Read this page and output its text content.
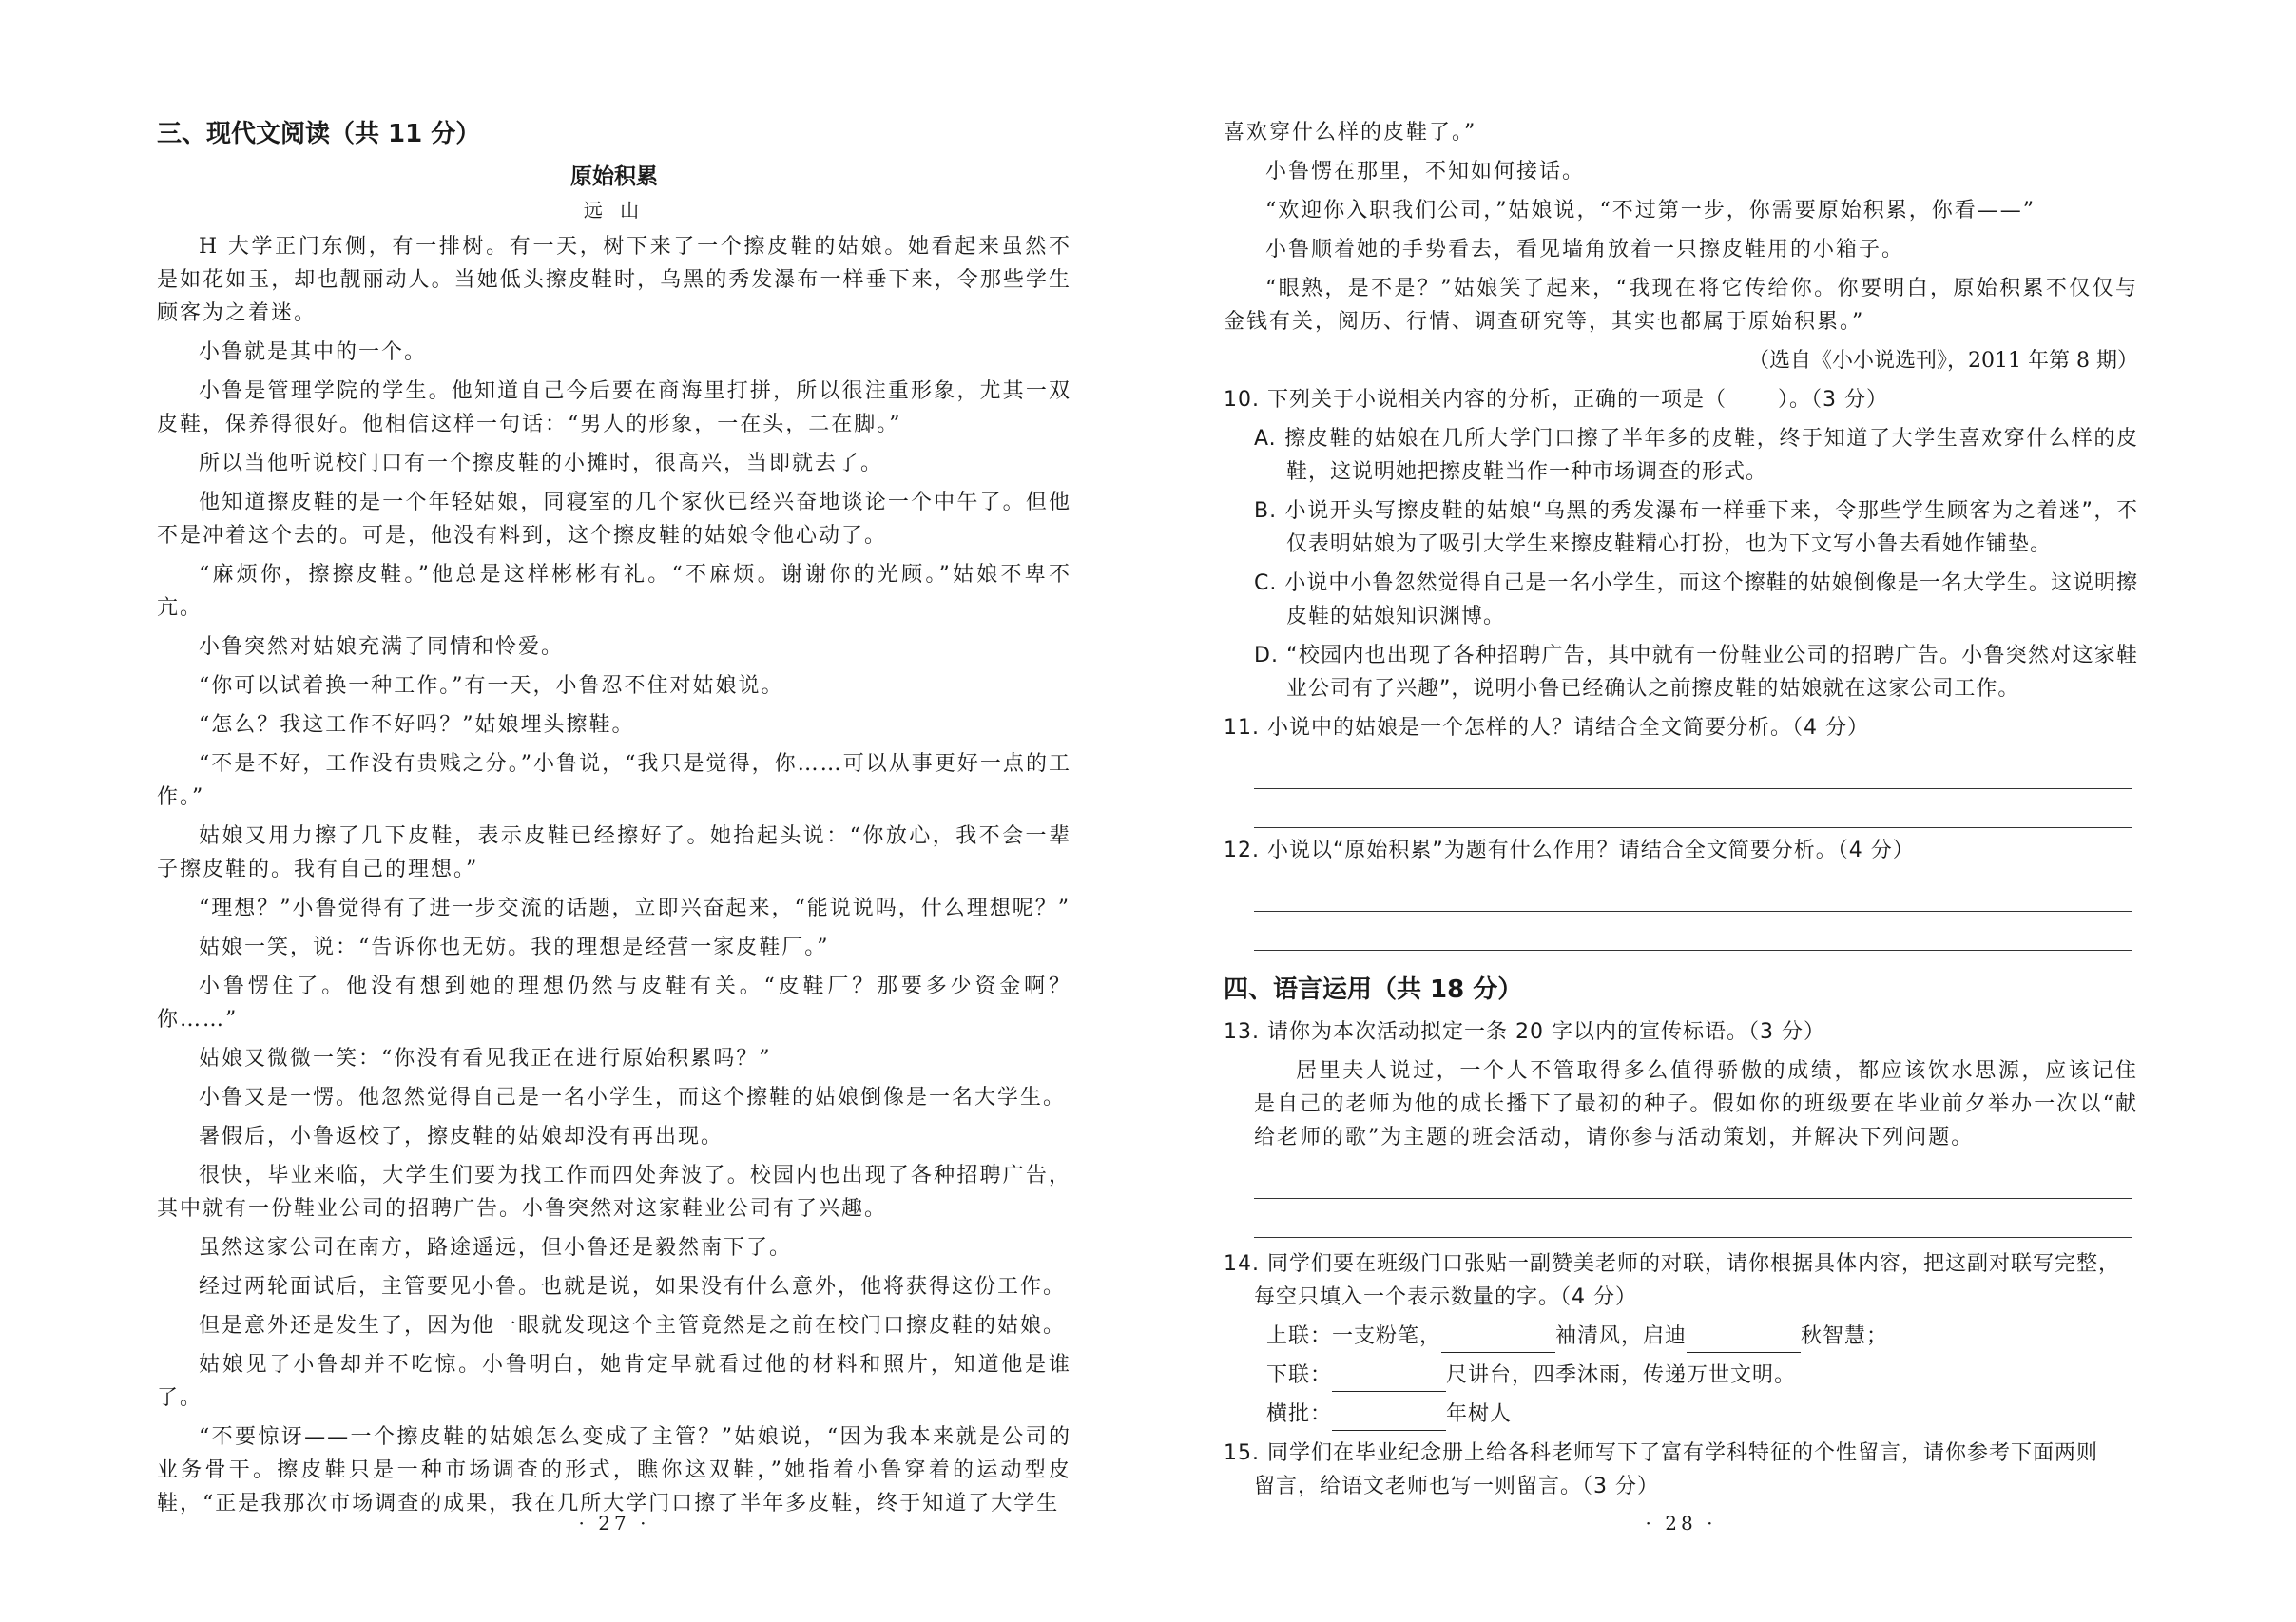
三、现代文阅读（共 11 分）
原始积累
远 山

H 大学正门东侧，有一排树。有一天，树下来了一个擦皮鞋的姑娘。她看起来虽然不是如花如玉，却也靓丽动人。当她低头擦皮鞋时，乌黑的秀发瀑布一样垂下来，令那些学生顾客为之着迷。

小鲁就是其中的一个。

小鲁是管理学院的学生。他知道自己今后要在商海里打拼，所以很注重形象，尤其一双皮鞋，保养得很好。他相信这样一句话：“男人的形象，一在头，二在脚。”

所以当他听说校门口有一个擦皮鞋的小摊时，很高兴，当即就去了。

他知道擦皮鞋的是一个年轻姑娘，同寝室的几个家伙已经兴奋地谈论一个中午了。但他不是冲着这个去的。可是，他没有料到，这个擦皮鞋的姑娘令他心动了。

“麻烦你，擦擦皮鞋。”他总是这样彬彬有礼。“不麻烦。谢谢你的光顾。”姑娘不卑不亢。

小鲁突然对姑娘充满了同情和怜爱。

“你可以试着换一种工作。”有一天，小鲁忍不住对姑娘说。

“怎么？我这工作不好吗？”姑娘埋头擦鞋。

“不是不好，工作没有贵贱之分。”小鲁说，“我只是觉得，你……可以从事更好一点的工作。”

姑娘又用力擦了几下皮鞋，表示皮鞋已经擦好了。她抬起头说：“你放心，我不会一辈子擦皮鞋的。我有自己的理想。”

“理想？”小鲁觉得有了进一步交流的话题，立即兴奋起来，“能说说吗，什么理想呢？”

姑娘一笑，说：“告诉你也无妨。我的理想是经营一家皮鞋厂。”

小鲁愣住了。他没有想到她的理想仍然与皮鞋有关。“皮鞋厂？那要多少资金啊？你……”

姑娘又微微一笑：“你没有看见我正在进行原始积累吗？”

小鲁又是一愣。他忽然觉得自己是一名小学生，而这个擦鞋的姑娘倒像是一名大学生。

暑假后，小鲁返校了，擦皮鞋的姑娘却没有再出现。

很快，毕业来临，大学生们要为找工作而四处奔波了。校园内也出现了各种招聘广告，其中就有一份鞋业公司的招聘广告。小鲁突然对这家鞋业公司有了兴趣。

虽然这家公司在南方，路途遥远，但小鲁还是毅然南下了。

经过两轮面试后，主管要见小鲁。也就是说，如果没有什么意外，他将获得这份工作。

但是意外还是发生了，因为他一眼就发现这个主管竟然是之前在校门口擦皮鞋的姑娘。

姑娘见了小鲁却并不吃惊。小鲁明白，她肯定早就看过他的材料和照片，知道他是谁了。

“不要惊讶——一个擦皮鞋的姑娘怎么变成了主管？”姑娘说，“因为我本来就是公司的业务骨干。擦皮鞋只是一种市场调查的形式，瞧你这双鞋，”她指着小鲁穿着的运动型皮鞋，“正是我那次市场调查的成果，我在几所大学门口擦了半年多皮鞋，终于知道了大学生

· 27 ·

喜欢穿什么样的皮鞋了。”

小鲁愣在那里，不知如何接话。

“欢迎你入职我们公司，”姑娘说，“不过第一步，你需要原始积累，你看——”

小鲁顺着她的手势看去，看见墙角放着一只擦皮鞋用的小箱子。

“眼熟，是不是？”姑娘笑了起来，“我现在将它传给你。你要明白，原始积累不仅仅与金钱有关，阅历、行情、调查研究等，其实也都属于原始积累。”

（选自《小小说选刊》，2011 年第 8 期）
10. 下列关于小说相关内容的分析，正确的一项是（ ）。（3 分）

A. 擦皮鞋的姑娘在几所大学门口擦了半年多的皮鞋，终于知道了大学生喜欢穿什么样的皮鞋，这说明她把擦皮鞋当作一种市场调查的形式。

B. 小说开头写擦皮鞋的姑娘“乌黑的秀发瀑布一样垂下来，令那些学生顾客为之着迷”，不仅表明姑娘为了吸引大学生来擦皮鞋精心打扮，也为下文写小鲁去看她作铺垫。

C. 小说中小鲁忽然觉得自己是一名小学生，而这个擦鞋的姑娘倒像是一名大学生。这说明擦皮鞋的姑娘知识渊博。

D. “校园内也出现了各种招聘广告，其中就有一份鞋业公司的招聘广告。小鲁突然对这家鞋业公司有了兴趣”，说明小鲁已经确认之前擦皮鞋的姑娘就在这家公司工作。

11. 小说中的姑娘是一个怎样的人？请结合全文简要分析。（4 分）
12. 小说以“原始积累”为题有什么作用？请结合全文简要分析。（4 分）
四、语言运用（共 18 分）
13. 请你为本次活动拟定一条 20 字以内的宣传标语。（3 分）

居里夫人说过，一个人不管取得多么值得骄傲的成绩，都应该饮水思源，应该记住是自己的老师为他的成长播下了最初的种子。假如你的班级要在毕业前夕举办一次以“献给老师的歌”为主题的班会活动，请你参与活动策划，并解决下列问题。

14. 同学们要在班级门口张贴一副赞美老师的对联，请你根据具体内容，把这副对联写完整，
每空只填入一个表示数量的字。（4 分）
上联：一支粉笔，	袖清风，启迪	秋智慧；
下联：	尺讲台，四季沐雨，传递万世文明。
横批：	年树人
15. 同学们在毕业纪念册上给各科老师写下了富有学科特征的个性留言，请你参考下面两则
留言，给语文老师也写一则留言。（3 分）
· 28 ·
